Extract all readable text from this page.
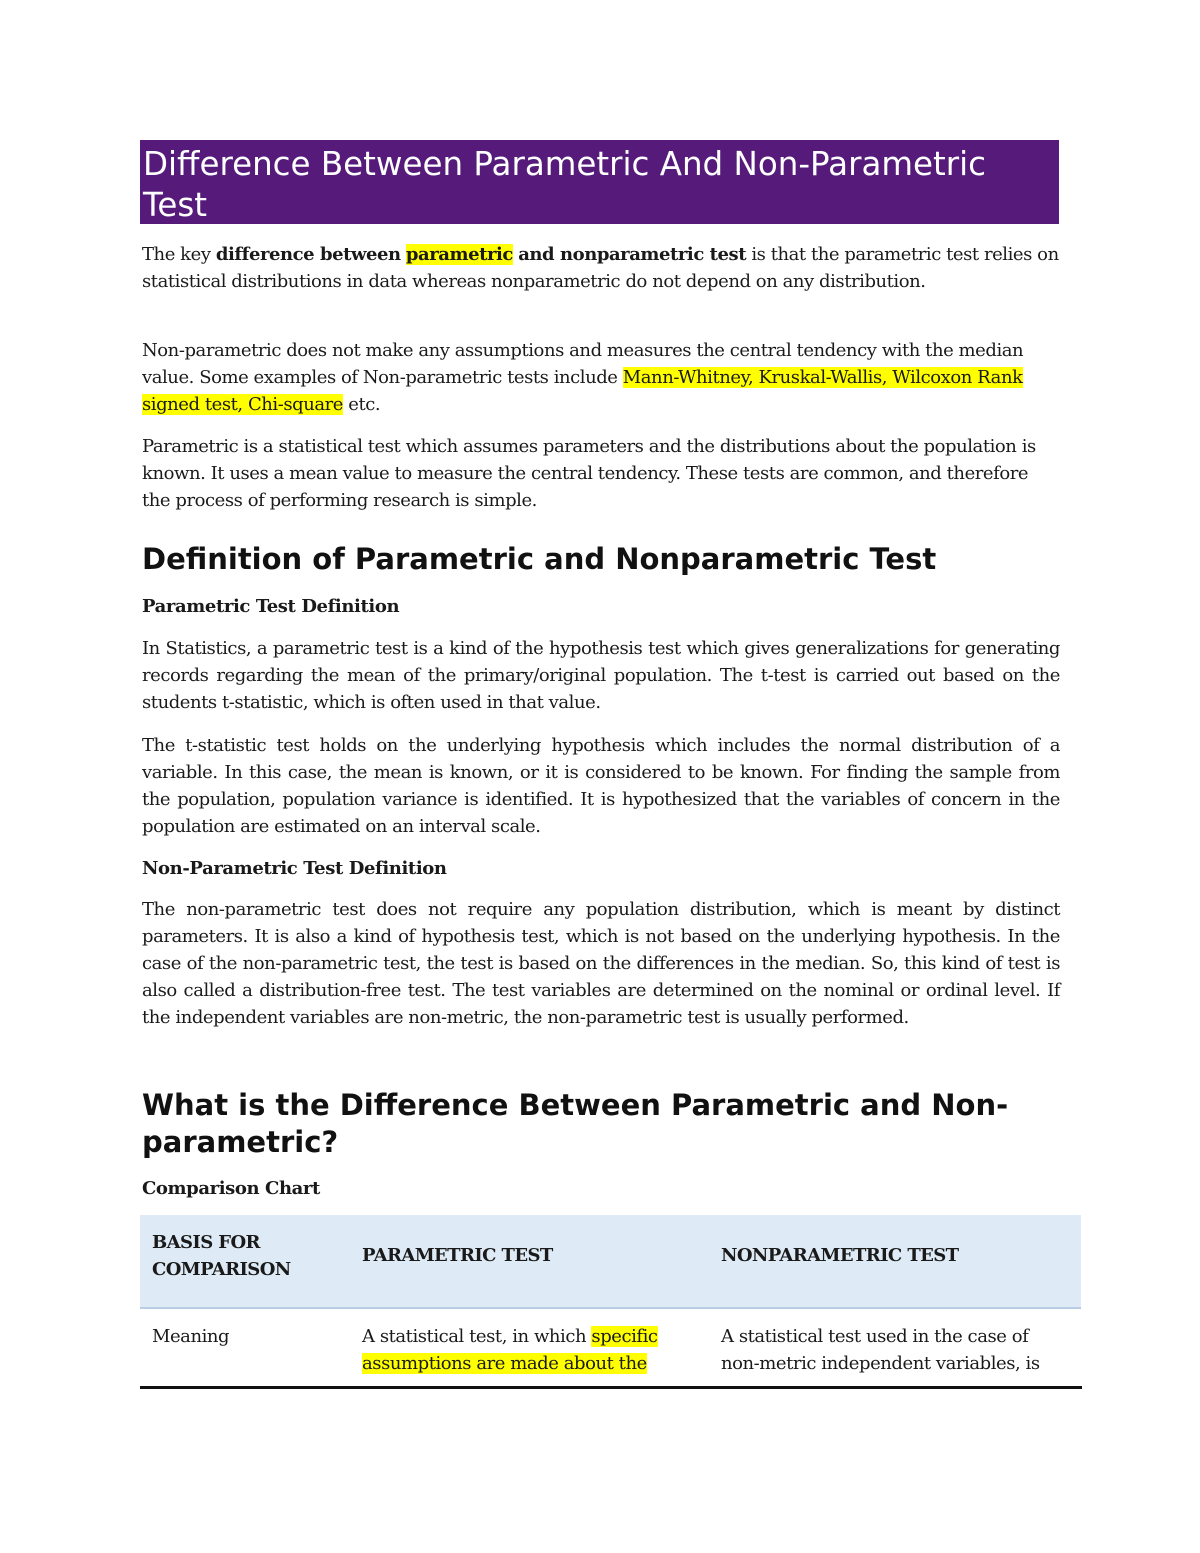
Difference Between Parametric And Non-Parametric Test

The key difference between parametric and nonparametric test is that the parametric test relies on statistical distributions in data whereas nonparametric do not depend on any distribution.

Non-parametric does not make any assumptions and measures the central tendency with the median value. Some examples of Non-parametric tests include Mann-Whitney, Kruskal-Wallis, Wilcoxon Rank signed test, Chi-square etc.

Parametric is a statistical test which assumes parameters and the distributions about the population is known. It uses a mean value to measure the central tendency. These tests are common, and therefore the process of performing research is simple.

Definition of Parametric and Nonparametric Test
Parametric Test Definition

In Statistics, a parametric test is a kind of the hypothesis test which gives generalizations for generating records regarding the mean of the primary/original population. The t-test is carried out based on the students t-statistic, which is often used in that value.

The t-statistic test holds on the underlying hypothesis which includes the normal distribution of a variable. In this case, the mean is known, or it is considered to be known. For finding the sample from the population, population variance is identified. It is hypothesized that the variables of concern in the population are estimated on an interval scale.

Non-Parametric Test Definition

The non-parametric test does not require any population distribution, which is meant by distinct parameters. It is also a kind of hypothesis test, which is not based on the underlying hypothesis. In the case of the non-parametric test, the test is based on the differences in the median. So, this kind of test is also called a distribution-free test. The test variables are determined on the nominal or ordinal level. If the independent variables are non-metric, the non-parametric test is usually performed.

What is the Difference Between Parametric and Non-parametric?
Comparison Chart
BASIS FOR COMPARISON
PARAMETRIC TEST	NONPARAMETRIC TEST
Meaning	A statistical test, in which specific assumptions are made about the
A statistical test used in the case of non-metric independent variables, is
